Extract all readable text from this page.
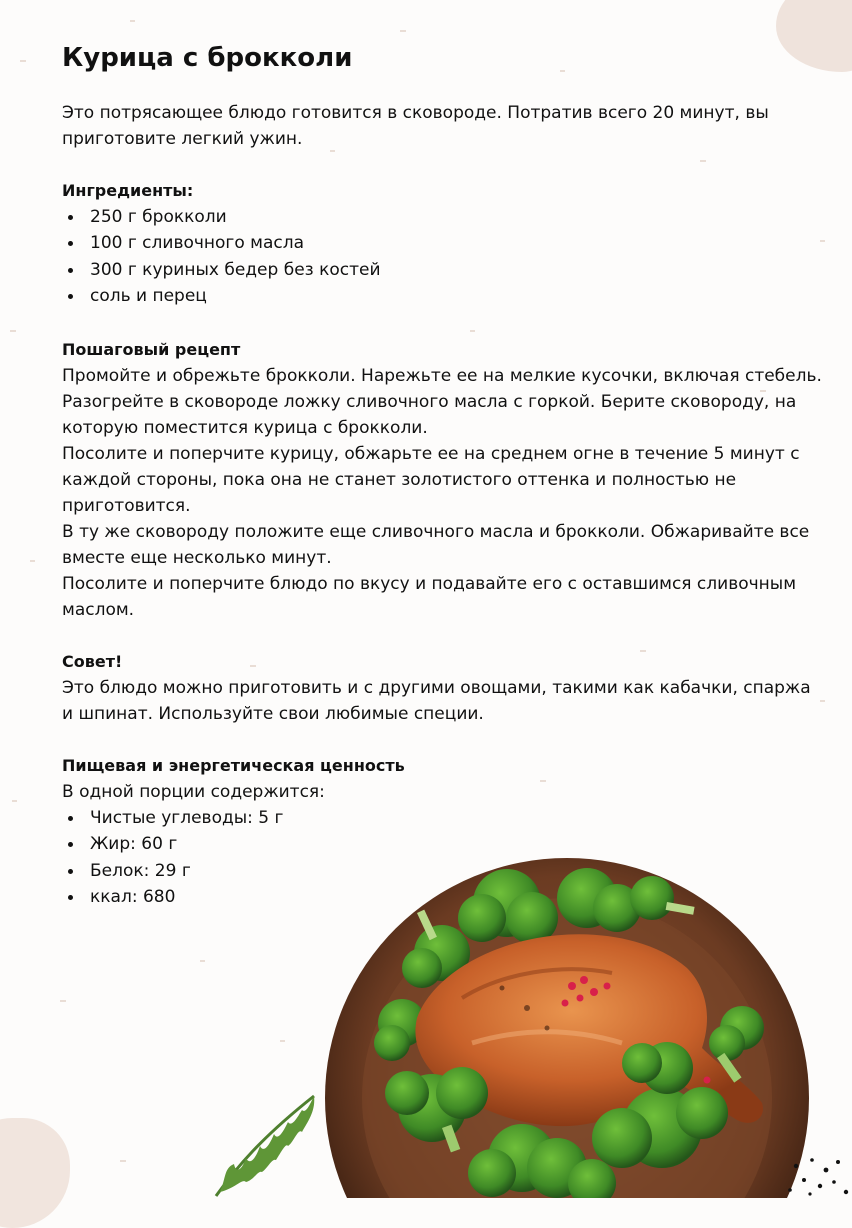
Курица с брокколи

Это потрясающее блюдо готовится в сковороде. Потратив всего 20 минут, вы приготовите легкий ужин.

Ингредиенты:

250 г брокколи
100 г сливочного масла
300 г куриных бедер без костей
соль и перец

Пошаговый рецепт

Промойте и обрежьте брокколи. Нарежьте ее на мелкие кусочки, включая стебель.

Разогрейте в сковороде ложку сливочного масла с горкой. Берите сковороду, на которую поместится курица с брокколи.

Посолите и поперчите курицу, обжарьте ее на среднем огне в течение 5 минут с каждой стороны, пока она не станет золотистого оттенка и полностью не приготовится.

В ту же сковороду положите еще сливочного масла и брокколи. Обжаривайте все вместе еще несколько минут.

Посолите и поперчите блюдо по вкусу и подавайте его с оставшимся сливочным маслом.

Совет!

Это блюдо можно приготовить и с другими овощами, такими как кабачки, спаржа и шпинат. Используйте свои любимые специи.

Пищевая и энергетическая ценность

В одной порции содержится:

Чистые углеводы: 5 г
Жир: 60 г
Белок: 29 г
ккал: 680
